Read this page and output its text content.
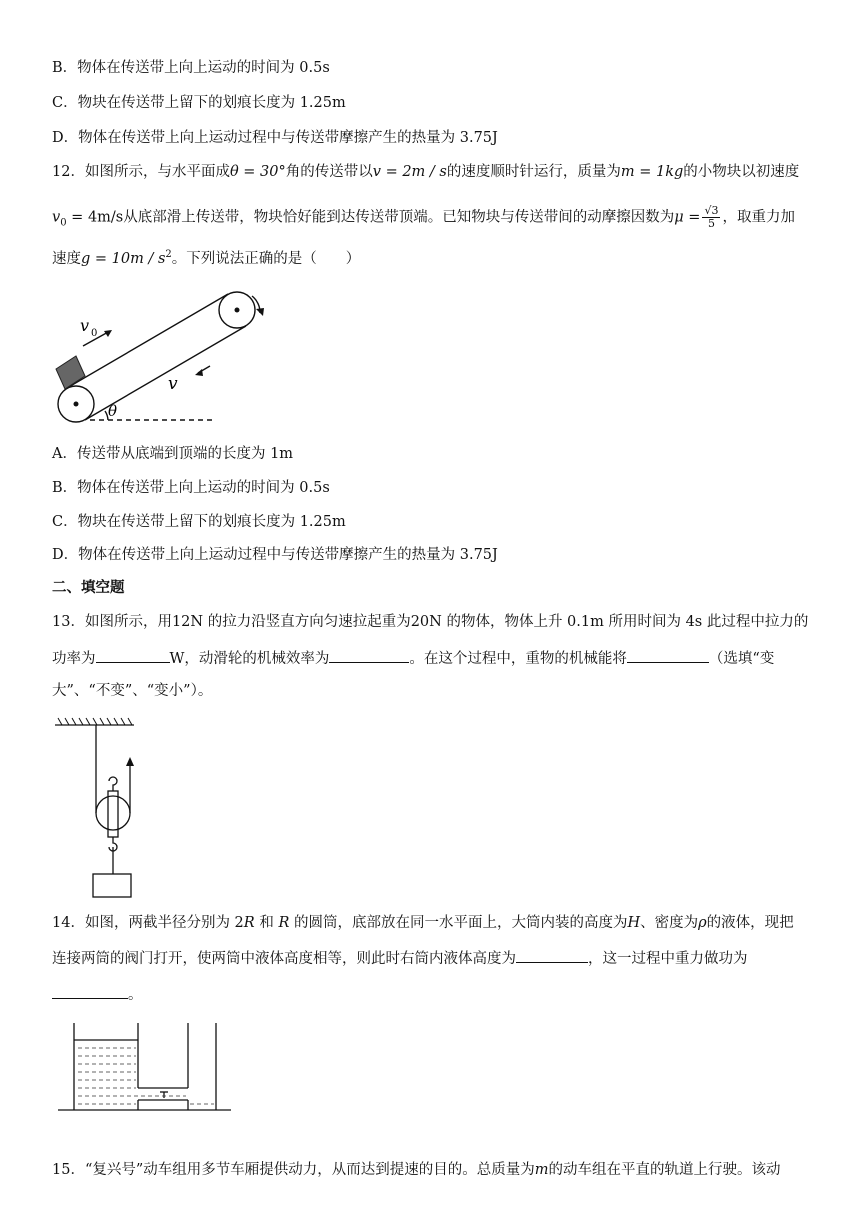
B．物体在传送带上向上运动的时间为 0.5s
C．物块在传送带上留下的划痕长度为 1.25m
D．物体在传送带上向上运动过程中与传送带摩擦产生的热量为 3.75J
12．如图所示，与水平面成θ = 30°角的传送带以v = 2m / s的速度顺时针运行，质量为m = 1kg的小物块以初速度
$v_0 = 4m/s$从底部滑上传送带，物块恰好能到达传送带顶端。已知物块与传送带间的动摩擦因数为$\mu = \frac{√3}{5}$ ，取重力加
速度$g = 10m / s^2$。下列说法正确的是（　　）
v 0
v
θ
A．传送带从底端到顶端的长度为 1m
B．物体在传送带上向上运动的时间为 0.5s
C．物块在传送带上留下的划痕长度为 1.25m
D．物体在传送带上向上运动过程中与传送带摩擦产生的热量为 3.75J
二、填空题
13．如图所示，用12N 的拉力沿竖直方向匀速拉起重为20N 的物体，物体上升 0.1m 所用时间为 4s 此过程中拉力的
功率为	W，动滑轮的机械效率为	。在这个过程中，重物的机械能将	（选填“变
大”、“不变”、“变小”）。
14．如图，两截半径分别为 2R 和 R 的圆筒，底部放在同一水平面上，大筒内装的高度为H、密度为ρ的液体，现把
连接两筒的阀门打开，使两筒中液体高度相等，则此时右筒内液体高度为	，这一过程中重力做功为
。
15．“复兴号”动车组用多节车厢提供动力，从而达到提速的目的。总质量为m的动车组在平直的轨道上行驶。该动
